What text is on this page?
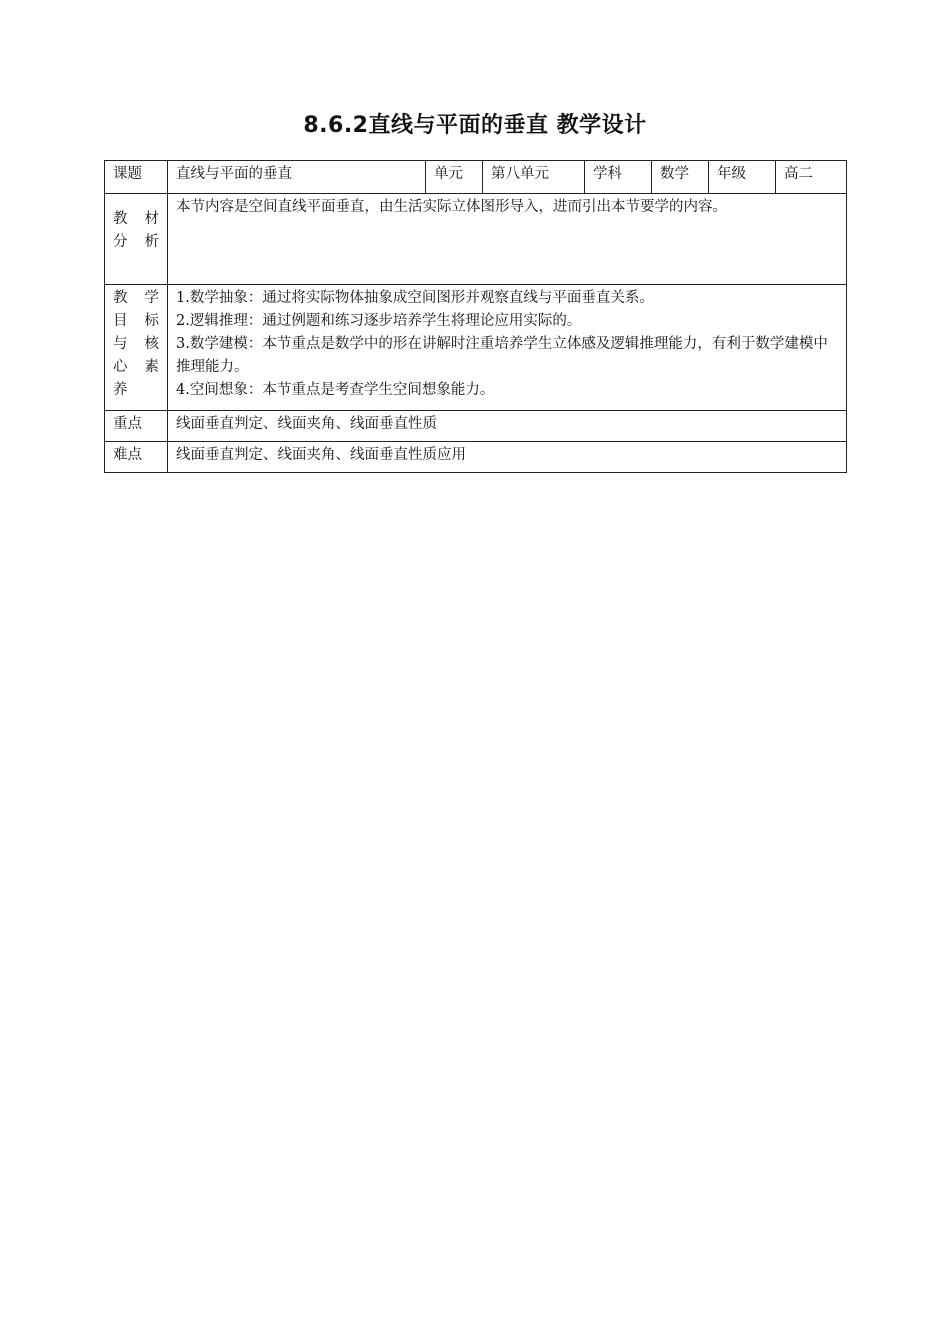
8.6.2直线与平面的垂直 教学设计
课题	直线与平面的垂直	单元	第八单元	学科	数学	年级	高二

教 材
分 析	本节内容是空间直线平面垂直，由生活实际立体图形导入，进而引出本节要学的内容。						

教 学
目 标
与 核
心 素
养	1.数学抽象：通过将实际物体抽象成空间图形并观察直线与平面垂直关系。
2.逻辑推理：通过例题和练习逐步培养学生将理论应用实际的。
3.数学建模：本节重点是数学中的形在讲解时注重培养学生立体感及逻辑推理能力，有利于数学建模中推理能力。
4.空间想象：本节重点是考查学生空间想象能力。						

重点	线面垂直判定、线面夹角、线面垂直性质						
难点	线面垂直判定、线面夹角、线面垂直性质应用						
